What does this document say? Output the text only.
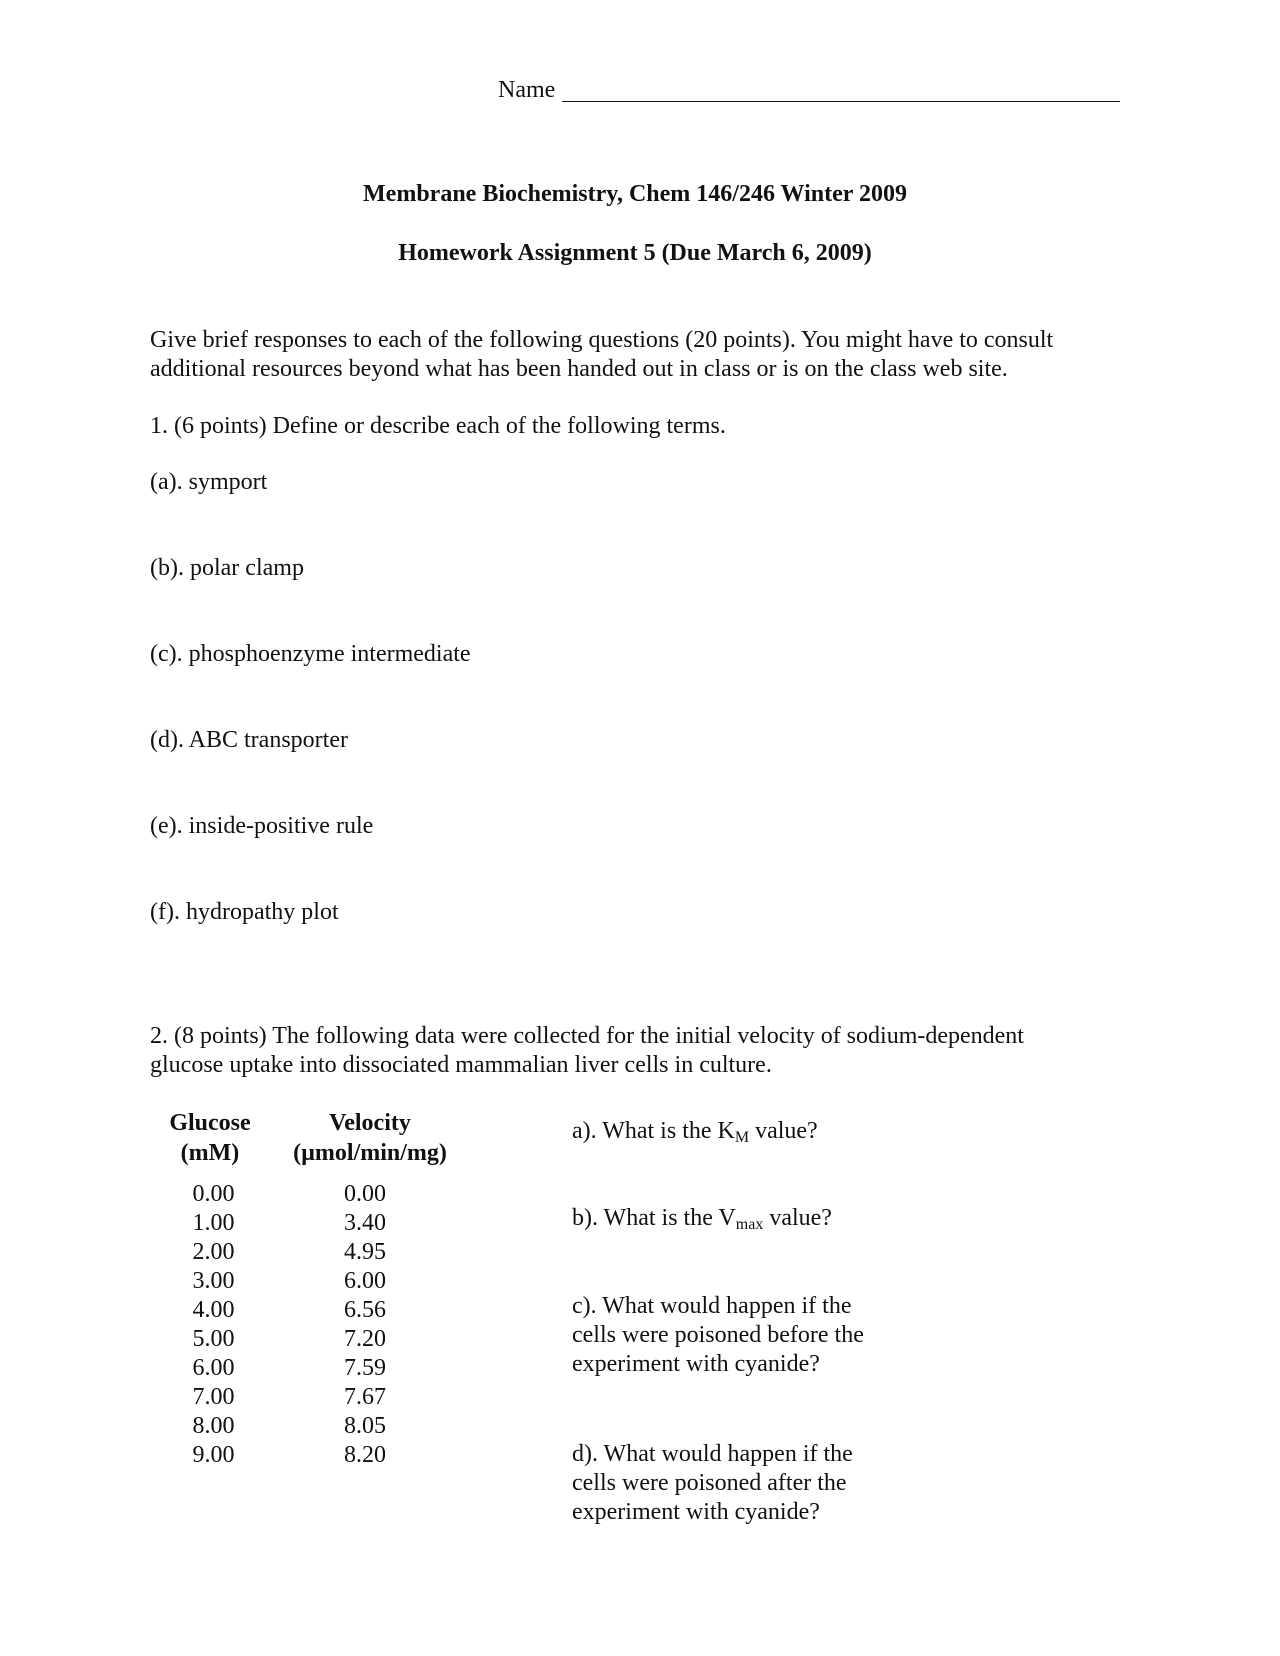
Name
Membrane Biochemistry, Chem 146/246 Winter 2009
Homework Assignment 5 (Due March 6, 2009)
Give brief responses to each of the following questions (20 points). You might have to consult
additional resources beyond what has been handed out in class or is on the class web site.
1. (6 points) Define or describe each of the following terms.
(a). symport
(b). polar clamp
(c). phosphoenzyme intermediate
(d). ABC transporter
(e). inside-positive rule
(f). hydropathy plot
2. (8 points) The following data were collected for the initial velocity of sodium-dependent
glucose uptake into dissociated mammalian liver cells in culture.
Glucose
(mM)
Velocity
(µmol/min/mg)
0.00
1.00
2.00
3.00
4.00
5.00
6.00
7.00
8.00
9.00
0.00
3.40
4.95
6.00
6.56
7.20
7.59
7.67
8.05
8.20
a). What is the $K_M$ value?
b). What is the $V_{max}$ value?
c). What would happen if the
cells were poisoned before the
experiment with cyanide?
d). What would happen if the
cells were poisoned after the
experiment with cyanide?
